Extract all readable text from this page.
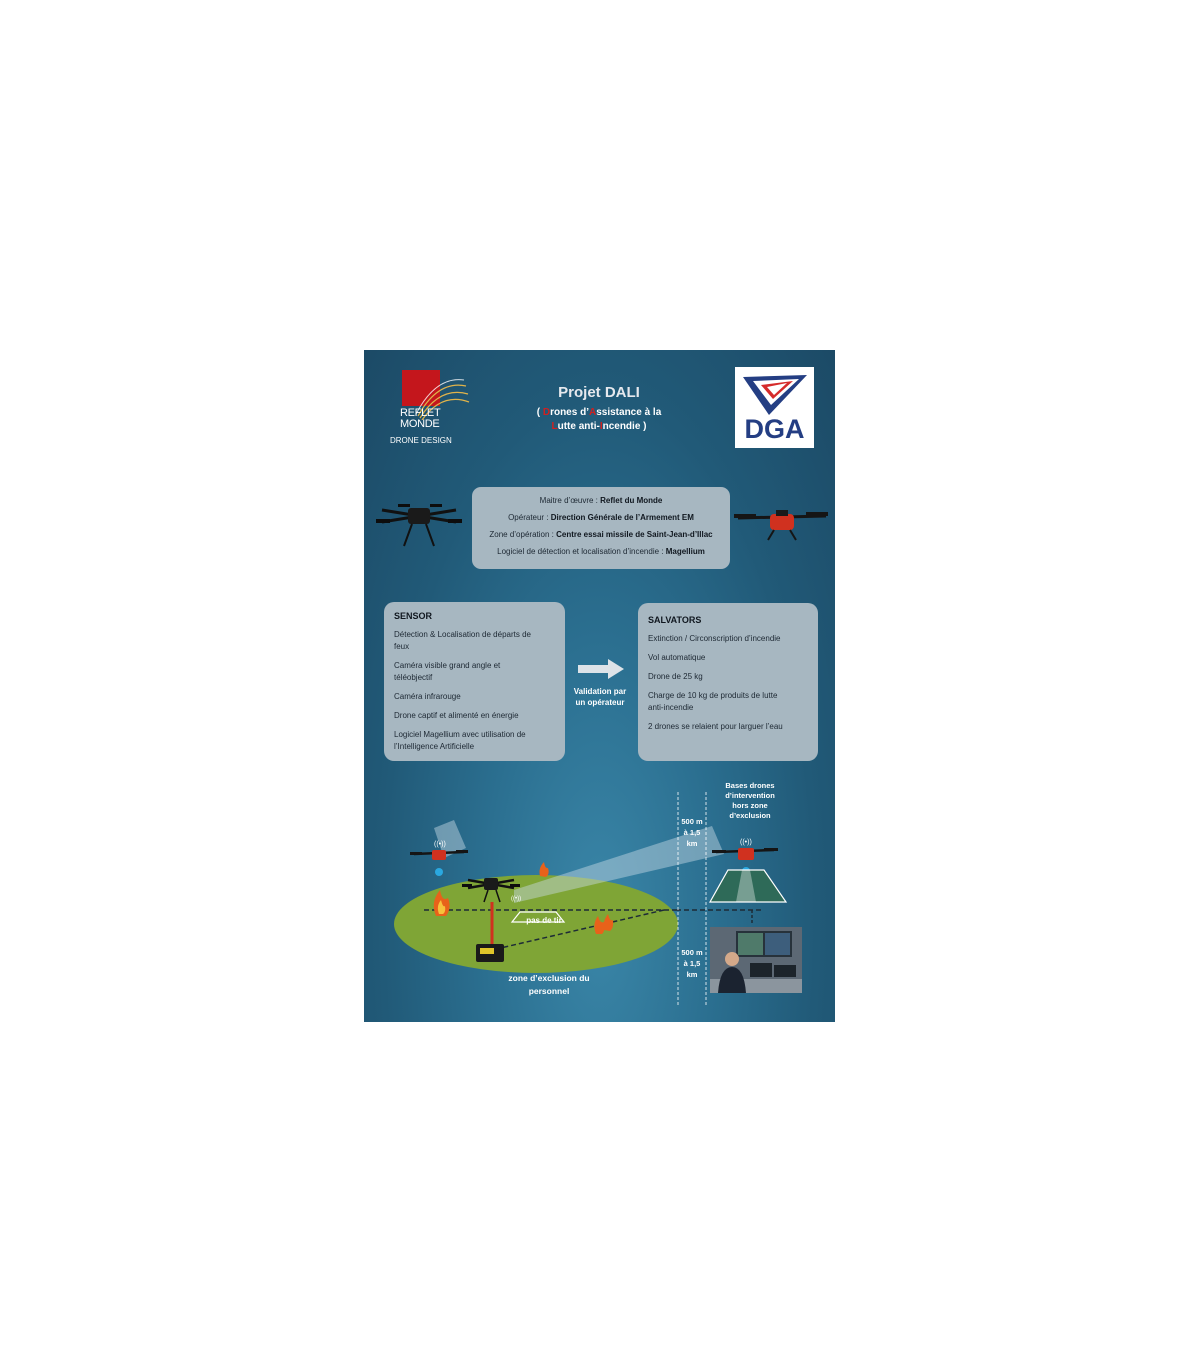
REFLET
MONDE
DRONE DESIGN
Projet DALI
( Drones d’Assistance à la
Lutte anti-Incendie )	DGA
Maitre d’œuvre : Reflet du Monde
Opérateur : Direction Générale de l’Armement EM
Zone d’opération : Centre essai missile de Saint-Jean-d’Illac
Logiciel de détection et localisation d’incendie : Magellium
SENSOR
Détection & Localisation de départs de
feux
Caméra visible grand angle et
téléobjectif
Caméra infrarouge
Drone captif et alimenté en énergie
Logiciel Magellium avec utilisation de
l’Intelligence Artificielle
Validation par
un opérateur
SALVATORS
Extinction / Circonscription d’incendie
Vol automatique
Drone de 25 kg
Charge de 10 kg de produits de lutte
anti-incendie
2 drones se relaient pour larguer l’eau
((•))	((•))
((•))
Bases drones
d’intervention
hors zone
d’exclusion
500 m
à 1,5
km
500 m
à 1,5
km
pas de tir
zone d’exclusion du
personnel
